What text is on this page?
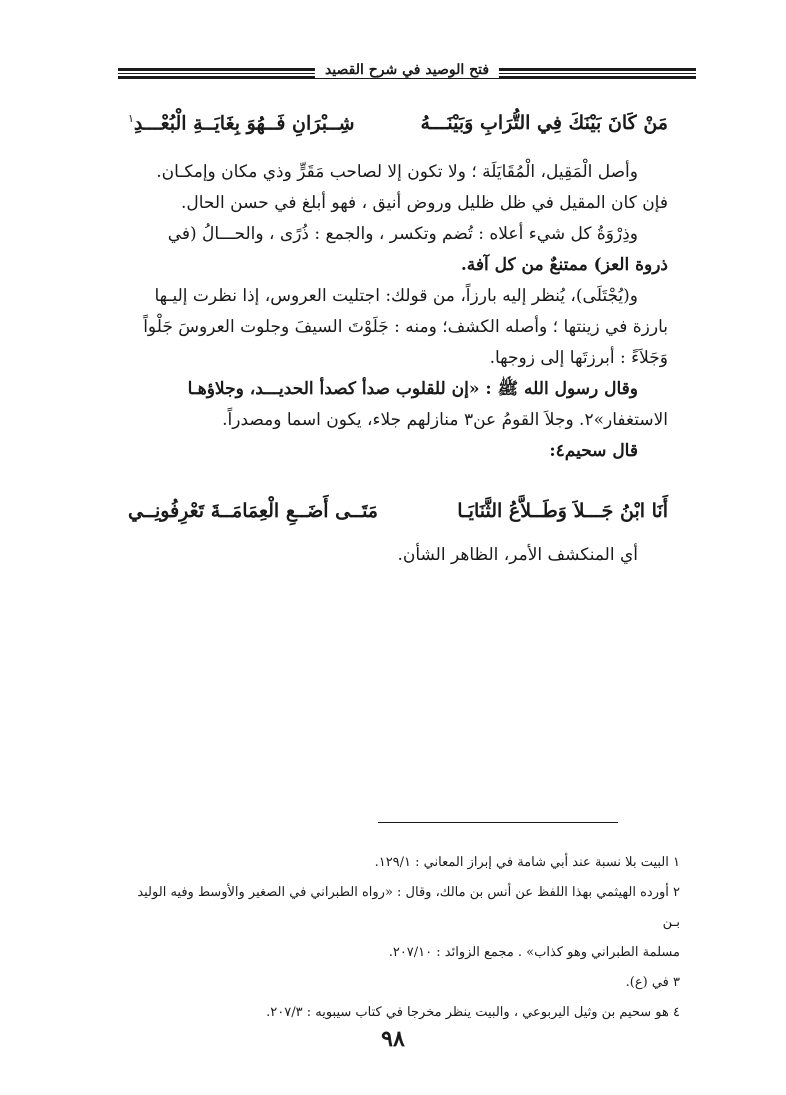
فتح الوصيد في شرح القصيد
مَنْ كَانَ بَيْنَكَ فِي التُّرَابِ وَبَيْنَـــهُ
شِــبْرَانِ فَــهُوَ بِغَايَــةِ الْبُعْـــدِ$^١$

وأصل الْمَقِيل، الْمُقَايَلَة ؛ ولا تكون إلا لصاحب مَقَرٍّ وذي مكان وإمكـان.

فإن كان المقيل في ظل ظليل وروض أنيق ، فهو أبلغ في حسن الحال.

وذِرْوَةُ كل شيء أعلاه : تُضم وتكسر ، والجمع : ذُرًى ، والحـــالُ (في

ذروة العز) ممتنعٌ من كل آفة.

و(يُجْتَلَى)، يُنظر إليه بارزاً، من قولك: اجتليت العروس، إذا نظرت إليـها

بارزة في زينتها ؛ وأصله الكشف؛ ومنه : جَلَوْتَ السيفَ وجلوت العروسَ جَلْواً

وَجَلاَءً : أبرزتَها إلى زوجها.

وقال رسول الله ﷺ : «إن للقلوب صدأ كصدأ الحديـــد، وجلاؤهـا

الاستغفار»٢. وجلاَ القومُ عن٣ منازلهم جلاء، يكون اسما ومصدراً.

قال سحيم٤:

أَنَا ابْنُ جَـــلاَ وَطَــلاَّعُ الثَّنَايَـا
مَتَــى أَضَــعِ الْعِمَامَــةَ تَعْرِفُونِــي

أي المنكشف الأمر، الظاهر الشأن.

١ البيت بلا نسبة عند أبي شامة في إبراز المعاني : ١٢٩/١.

٢ أورده الهيثمي بهذا اللفظ عن أنس بن مالك، وقال : «رواه الطبراني في الصغير والأوسط وفيه الوليد بـن

مسلمة الطبراني وهو كذاب» . مجمع الزوائد : ٢٠٧/١٠.

٣ في (ع).

٤ هو سحيم بن وثيل اليربوعي ، والبيت ينظر مخرجا في كتاب سيبويه : ٢٠٧/٣.

٩٨
